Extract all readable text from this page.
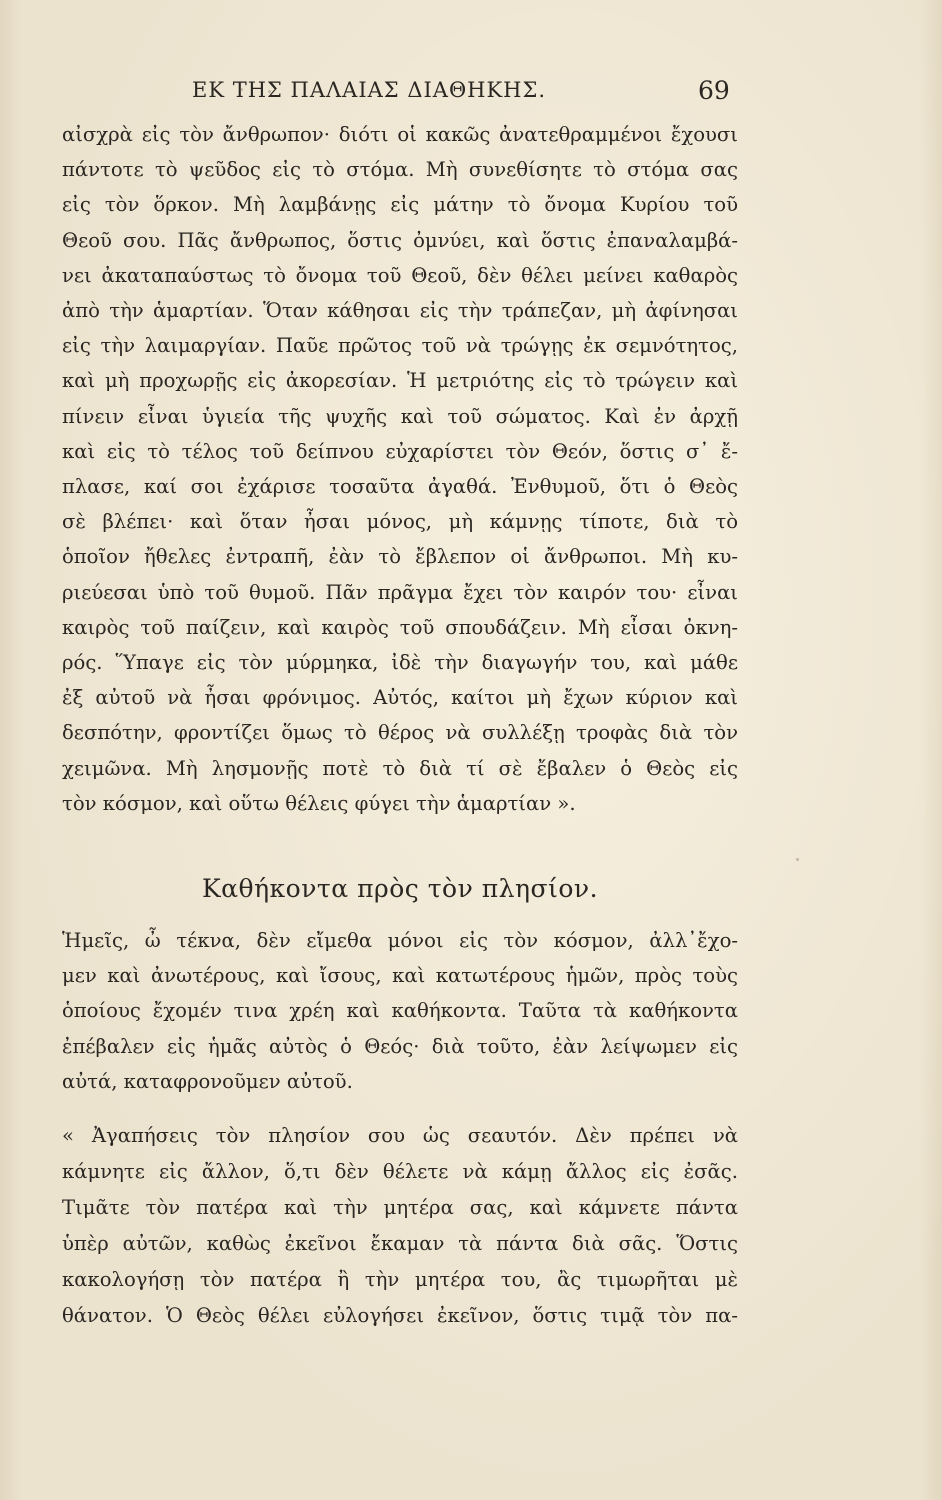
ΕΚ ΤΗΣ ΠΑΛΑΙΑΣ ΔΙΑΘΗΚΗΣ.	69
αἰσχρὰ εἰς τὸν ἄνθρωπον· διότι οἱ κακῶς ἀνατεθραμμένοι ἔχουσι
πάντοτε τὸ ψεῦδος εἰς τὸ στόμα. Μὴ συνεθίσητε τὸ στόμα σας
εἰς τὸν ὅρκον. Μὴ λαμβάνῃς εἰς μάτην τὸ ὄνομα Κυρίου τοῦ
Θεοῦ σου. Πᾶς ἄνθρωπος, ὅστις ὀμνύει, καὶ ὅστις ἐπαναλαμβά-
νει ἀκαταπαύστως τὸ ὄνομα τοῦ Θεοῦ, δὲν θέλει μείνει καθαρὸς
ἀπὸ τὴν ἁμαρτίαν. Ὅταν κάθησαι εἰς τὴν τράπεζαν, μὴ ἀφίνησαι
εἰς τὴν λαιμαργίαν. Παῦε πρῶτος τοῦ νὰ τρώγῃς ἐκ σεμνότητος,
καὶ μὴ προχωρῇς εἰς ἀκορεσίαν. Ἡ μετριότης εἰς τὸ τρώγειν καὶ
πίνειν εἶναι ὑγιεία τῆς ψυχῆς καὶ τοῦ σώματος. Καὶ ἐν ἀρχῇ
καὶ εἰς τὸ τέλος τοῦ δείπνου εὐχαρίστει τὸν Θεόν, ὅστις σ᾽ ἔ-
πλασε, καί σοι ἐχάρισε τοσαῦτα ἀγαθά. Ἐνθυμοῦ, ὅτι ὁ Θεὸς
σὲ βλέπει· καὶ ὅταν ἦσαι μόνος, μὴ κάμνῃς τίποτε, διὰ τὸ
ὁποῖον ἤθελες ἐντραπῆ, ἐὰν τὸ ἔβλεπον οἱ ἄνθρωποι. Μὴ κυ-
ριεύεσαι ὑπὸ τοῦ θυμοῦ. Πᾶν πρᾶγμα ἔχει τὸν καιρόν του· εἶναι
καιρὸς τοῦ παίζειν, καὶ καιρὸς τοῦ σπουδάζειν. Μὴ εἶσαι ὀκνη-
ρός. Ὕπαγε εἰς τὸν μύρμηκα, ἰδὲ τὴν διαγωγήν του, καὶ μάθε
ἐξ αὐτοῦ νὰ ἦσαι φρόνιμος. Αὐτός, καίτοι μὴ ἔχων κύριον καὶ
δεσπότην, φροντίζει ὅμως τὸ θέρος νὰ συλλέξῃ τροφὰς διὰ τὸν
χειμῶνα. Μὴ λησμονῇς ποτὲ τὸ διὰ τί σὲ ἔβαλεν ὁ Θεὸς εἰς
τὸν κόσμον, καὶ οὕτω θέλεις φύγει τὴν ἁμαρτίαν ».
Καθήκοντα πρὸς τὸν πλησίον.
Ἡμεῖς, ὦ τέκνα, δὲν εἴμεθα μόνοι εἰς τὸν κόσμον, ἀλλ᾽ἔχο-
μεν καὶ ἀνωτέρους, καὶ ἴσους, καὶ κατωτέρους ἡμῶν, πρὸς τοὺς
ὁποίους ἔχομέν τινα χρέη καὶ καθήκοντα. Ταῦτα τὰ καθήκοντα
ἐπέβαλεν εἰς ἡμᾶς αὐτὸς ὁ Θεός· διὰ τοῦτο, ἐὰν λείψωμεν εἰς
αὐτά, καταφρονοῦμεν αὐτοῦ.
« Ἀγαπήσεις τὸν πλησίον σου ὡς σεαυτόν. Δὲν πρέπει νὰ
κάμνητε εἰς ἄλλον, ὅ,τι δὲν θέλετε νὰ κάμῃ ἄλλος εἰς ἐσᾶς.
Τιμᾶτε τὸν πατέρα καὶ τὴν μητέρα σας, καὶ κάμνετε πάντα
ὑπὲρ αὐτῶν, καθὼς ἐκεῖνοι ἔκαμαν τὰ πάντα διὰ σᾶς. Ὅστις
κακολογήσῃ τὸν πατέρα ἢ τὴν μητέρα του, ἂς τιμωρῆται μὲ
θάνατον. Ὁ Θεὸς θέλει εὐλογήσει ἐκεῖνον, ὅστις τιμᾷ τὸν πα-
